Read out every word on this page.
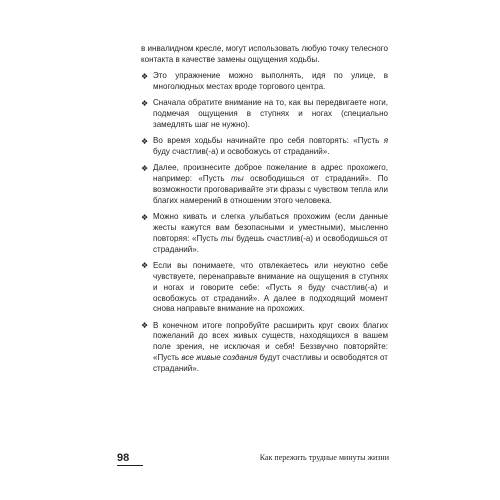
в инвалидном кресле, могут использовать любую точку телесного контакта в качестве замены ощущения ходьбы.

❖ Это упражнение можно выполнять, идя по улице, в многолюдных местах вроде торгового центра.

❖ Сначала обратите внимание на то, как вы передвигаете ноги, подмечая ощущения в ступнях и ногах (специально замедлять шаг не нужно).

❖ Во время ходьбы начинайте про себя повторять: «Пусть я буду счастлив(-а) и освобожусь от страданий».

❖ Далее, произнесите доброе пожелание в адрес прохожего, например: «Пусть ты освободишься от страданий». По возможности проговаривайте эти фразы с чувством тепла или благих намерений в отношении этого человека.

❖ Можно кивать и слегка улыбаться прохожим (если данные жесты кажутся вам безопасными и уместными), мысленно повторяя: «Пусть ты будешь счастлив(-а) и освободишься от страданий».

❖ Если вы понимаете, что отвлекаетесь или неуютно себе чувствуете, перенаправьте внимание на ощущения в ступнях и ногах и говорите себе: «Пусть я буду счастлив(-а) и освобожусь от страданий». А далее в подходящий момент снова направьте внимание на прохожих.

❖ В конечном итоге попробуйте расширить круг своих благих пожеланий до всех живых существ, находящихся в вашем поле зрения, не исключая и себя! Беззвучно повторяйте: «Пусть все живые создания будут счастливы и освободятся от страданий».

98	Как пережить трудные минуты жизни
